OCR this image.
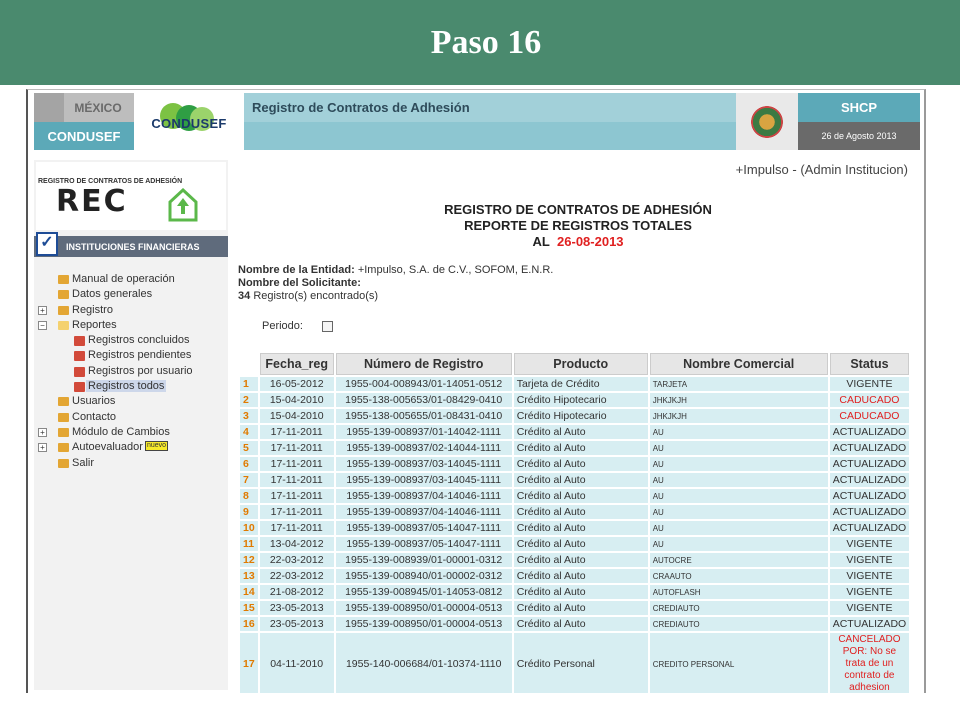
Paso 16
MÉXICO
CONDUSEF
CONDUSEF
Registro de Contratos de Adhesión	SHCP
26 de Agosto 2013
REGISTRO DE CONTRATOS DE ADHESIÓN
REC
INSTITUCIONES FINANCIERAS
✓
Manual de operación
Datos generales
+ Registro
− Reportes
Registros concluidos
Registros pendientes
Registros por usuario
Registros todos
Usuarios
Contacto
+ Módulo de Cambios
+ Autoevaluador nuevo
Salir
+Impulso - (Admin Institucion)
REGISTRO DE CONTRATOS DE ADHESIÓN
REPORTE DE REGISTROS TOTALES
AL 26-08-2013
Nombre de la Entidad: +Impulso, S.A. de C.V., SOFOM, E.N.R.
Nombre del Solicitante:
34 Registro(s) encontrado(s)
Periodo:
	Fecha_reg	Número de Registro	Producto	Nombre Comercial	Status
1	16-05-2012	1955-004-008943/01-14051-0512	Tarjeta de Crédito	TARJETA	VIGENTE
2	15-04-2010	1955-138-005653/01-08429-0410	Crédito Hipotecario	JHKJKJH	CADUCADO
3	15-04-2010	1955-138-005655/01-08431-0410	Crédito Hipotecario	JHKJKJH	CADUCADO
4	17-11-2011	1955-139-008937/01-14042-1111	Crédito al Auto	AU	ACTUALIZADO
5	17-11-2011	1955-139-008937/02-14044-1111	Crédito al Auto	AU	ACTUALIZADO
6	17-11-2011	1955-139-008937/03-14045-1111	Crédito al Auto	AU	ACTUALIZADO
7	17-11-2011	1955-139-008937/03-14045-1111	Crédito al Auto	AU	ACTUALIZADO
8	17-11-2011	1955-139-008937/04-14046-1111	Crédito al Auto	AU	ACTUALIZADO
9	17-11-2011	1955-139-008937/04-14046-1111	Crédito al Auto	AU	ACTUALIZADO
10	17-11-2011	1955-139-008937/05-14047-1111	Crédito al Auto	AU	ACTUALIZADO
11	13-04-2012	1955-139-008937/05-14047-1111	Crédito al Auto	AU	VIGENTE
12	22-03-2012	1955-139-008939/01-00001-0312	Crédito al Auto	AUTOCRE	VIGENTE
13	22-03-2012	1955-139-008940/01-00002-0312	Crédito al Auto	CRAAUTO	VIGENTE
14	21-08-2012	1955-139-008945/01-14053-0812	Crédito al Auto	AUTOFLASH	VIGENTE
15	23-05-2013	1955-139-008950/01-00004-0513	Crédito al Auto	CREDIAUTO	VIGENTE
16	23-05-2013	1955-139-008950/01-00004-0513	Crédito al Auto	CREDIAUTO	ACTUALIZADO
17	04-11-2010	1955-140-006684/01-10374-1110	Crédito Personal	CREDITO PERSONAL	CANCELADO POR: No se trata de un contrato de adhesion
